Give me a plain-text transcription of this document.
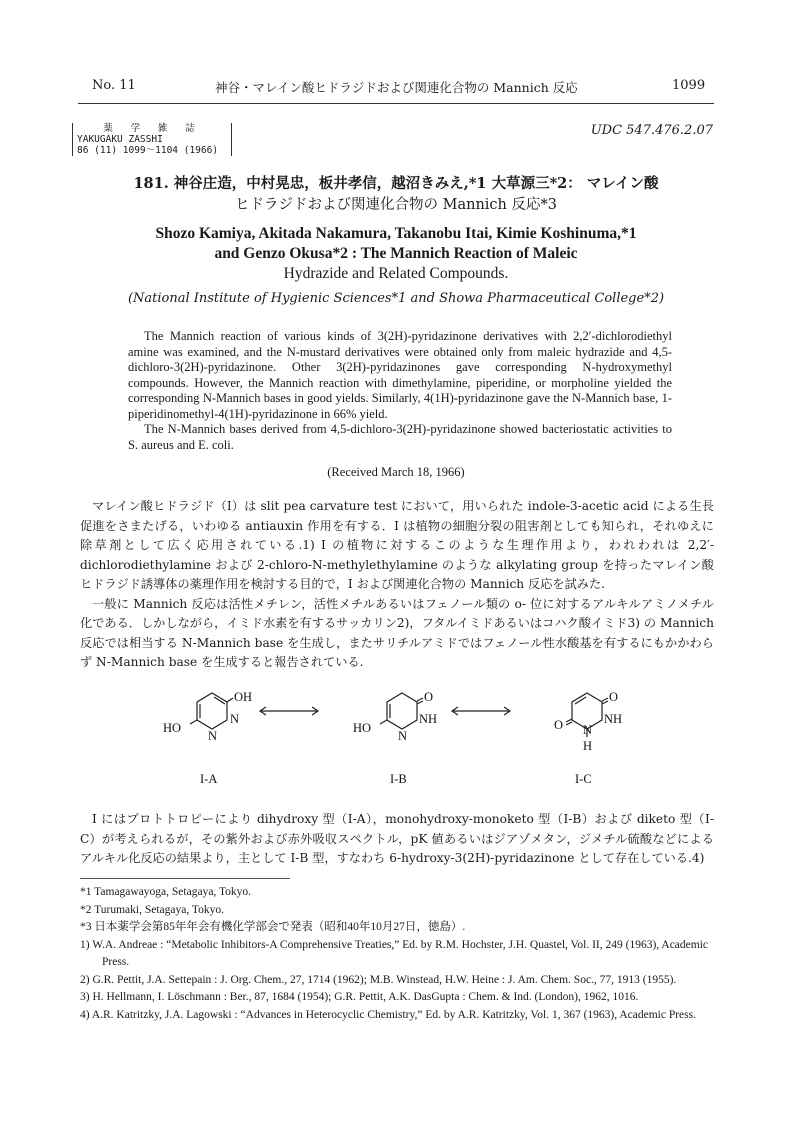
No. 11	神谷・マレイン酸ヒドラジドおよび関連化合物の Mannich 反応	1099
薬 学 雑 誌
YAKUGAKU ZASSHI
86 (11) 1099～1104 (1966)
UDC 547.476.2.07
181. 神谷庄造，中村晃忠，板井孝信，越沼きみえ,*1 大草源三*2： マレイン酸
ヒドラジドおよび関連化合物の Mannich 反応*3
Shozo Kamiya, Akitada Nakamura, Takanobu Itai, Kimie Koshinuma,*1
and Genzo Okusa*2 : The Mannich Reaction of Maleic
Hydrazide and Related Compounds.
(National Institute of Hygienic Sciences*1 and Showa Pharmaceutical College*2)

The Mannich reaction of various kinds of 3(2H)-pyridazinone derivatives with 2,2′-dichlorodiethyl amine was examined, and the N-mustard derivatives were obtained only from maleic hydrazide and 4,5-dichloro-3(2H)-pyridazinone. Other 3(2H)-pyridazinones gave corresponding N-hydroxymethyl compounds. However, the Mannich reaction with dimethylamine, piperidine, or morpholine yielded the corresponding N-Mannich bases in good yields. Similarly, 4(1H)-pyridazinone gave the N-Mannich base, 1-piperidinomethyl-4(1H)-pyridazinone in 66% yield.

The N-Mannich bases derived from 4,5-dichloro-3(2H)-pyridazinone showed bacteriostatic activities to S. aureus and E. coli.

(Received March 18, 1966)

マレイン酸ヒドラジド（I）は slit pea carvature test において，用いられた indole-3-acetic acid による生長促進をさまたげる，いわゆる antiauxin 作用を有する．I は植物の細胞分裂の阻害剤としても知られ，それゆえに除草剤として広く応用されている.1) I の植物に対するこのような生理作用より，われわれは 2,2′-dichlorodiethylamine および 2-chloro-N-methylethylamine のような alkylating group を持ったマレイン酸ヒドラジド誘導体の薬理作用を検討する目的で，I および関連化合物の Mannich 反応を試みた.

一般に Mannich 反応は活性メチレン，活性メチルあるいはフェノール類の o- 位に対するアルキルアミノメチル化である．しかしながら，イミド水素を有するサッカリン2)，フタルイミドあるいはコハク酸イミド3) の Mannich 反応では相当する N-Mannich base を生成し，またサリチルアミドではフェノール性水酸基を有するにもかかわらず N-Mannich base を生成すると報告されている.

OH
HO
N
N
O
HO
NH
N
O
O	NH
N
H
I-A	I-B	I-C

I にはプロトトロピーにより dihydroxy 型（I-A），monohydroxy-monoketo 型（I-B）および diketo 型（I-C）が考えられるが，その紫外および赤外吸収スペクトル，pK 値あるいはジアゾメタン，ジメチル硫酸などによるアルキル化反応の結果より，主として I-B 型，すなわち 6-hydroxy-3(2H)-pyridazinone として存在している.4)

*1 Tamagawayoga, Setagaya, Tokyo.
*2 Turumaki, Setagaya, Tokyo.
*3 日本薬学会第85年年会有機化学部会で発表（昭和40年10月27日，徳島）.
1) W.A. Andreae : “Metabolic Inhibitors-A Comprehensive Treaties,” Ed. by R.M. Hochster, J.H. Quastel, Vol. II, 249 (1963), Academic Press.
2) G.R. Pettit, J.A. Settepain : J. Org. Chem., 27, 1714 (1962); M.B. Winstead, H.W. Heine : J. Am. Chem. Soc., 77, 1913 (1955).
3) H. Hellmann, I. Löschmann : Ber., 87, 1684 (1954); G.R. Pettit, A.K. DasGupta : Chem. & Ind. (London), 1962, 1016.
4) A.R. Katritzky, J.A. Lagowski : “Advances in Heterocyclic Chemistry,” Ed. by A.R. Katritzky, Vol. 1, 367 (1963), Academic Press.
